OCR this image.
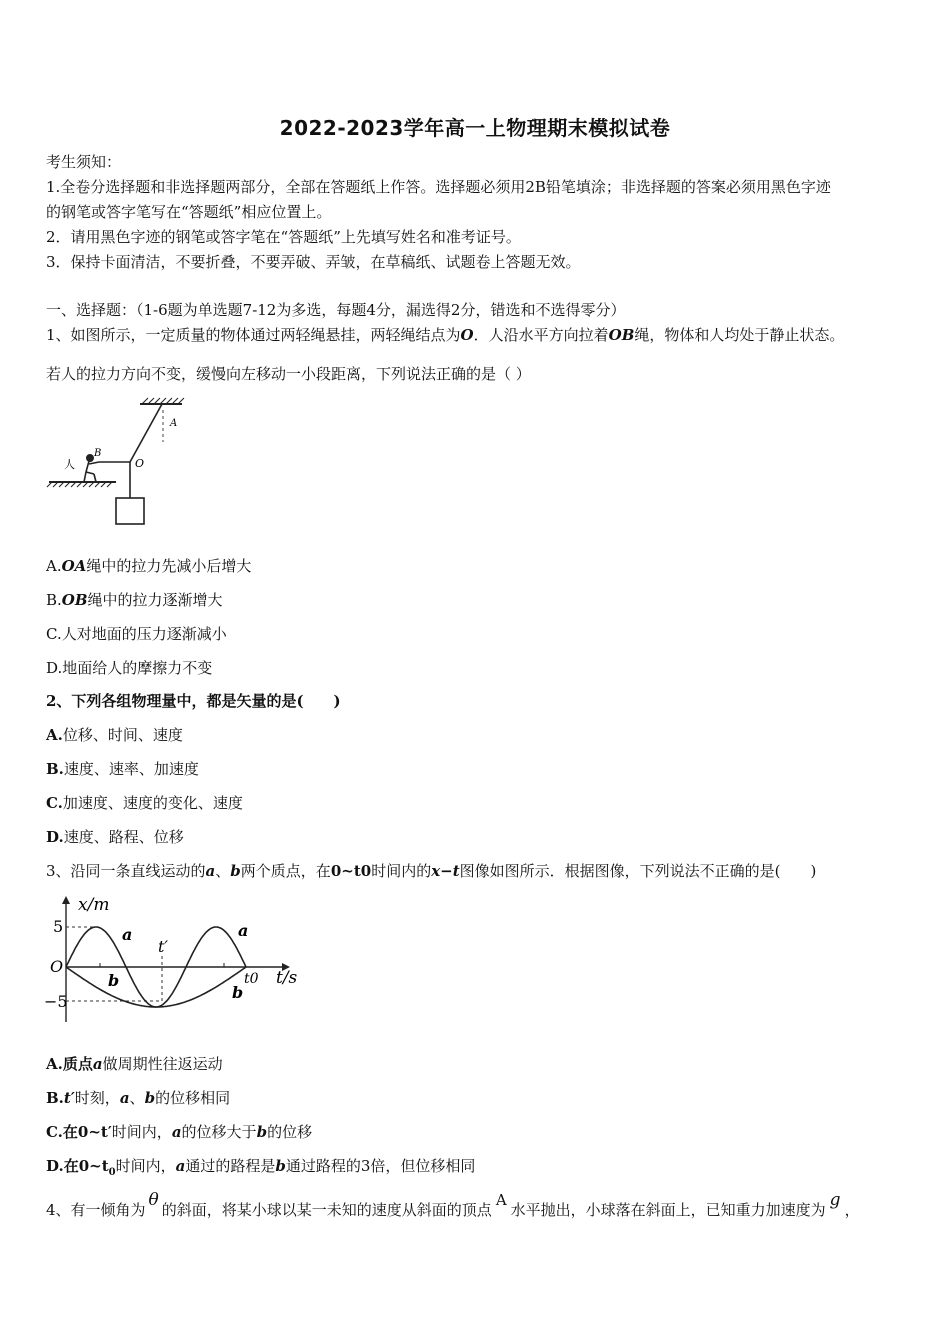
2022-2023学年高一上物理期末模拟试卷
考生须知：
1.全卷分选择题和非选择题两部分，全部在答题纸上作答。选择题必须用2B铅笔填涂；非选择题的答案必须用黑色字迹
的钢笔或答字笔写在“答题纸”相应位置上。
2．请用黑色字迹的钢笔或答字笔在“答题纸”上先填写姓名和准考证号。
3．保持卡面清洁，不要折叠，不要弄破、弄皱，在草稿纸、试题卷上答题无效。
一、选择题：（1-6题为单选题7-12为多选，每题4分，漏选得2分，错选和不选得零分）
1、如图所示，一定质量的物体通过两轻绳悬挂，两轻绳结点为O．人沿水平方向拉着OB绳，物体和人均处于静止状态。
若人的拉力方向不变，缓慢向左移动一小段距离，下列说法正确的是（ ）
A
O
人
B
A.OA绳中的拉力先减小后增大
B.OB绳中的拉力逐渐增大
C.人对地面的压力逐渐减小
D.地面给人的摩擦力不变
2、下列各组物理量中，都是矢量的是(　　)
A.位移、时间、速度
B.速度、速率、加速度
C.加速度、速度的变化、速度
D.速度、路程、位移
3、沿同一条直线运动的a、b两个质点，在0~t0时间内的x−t图像如图所示．根据图像，下列说法不正确的是(　　)
x/m
t/s
O
5
−5
t′
t0
a	a
b
b
A.质点a做周期性往返运动
B.t′时刻，a、b的位移相同
C.在0~t′时间内，a的位移大于b的位移
D.在$0\sim t_0$时间内，a通过的路程是b通过路程的3倍，但位移相同
4、有一倾角为 θ 的斜面，将某小球以某一未知的速度从斜面的顶点A水平抛出，小球落在斜面上，已知重力加速度为 g ，
